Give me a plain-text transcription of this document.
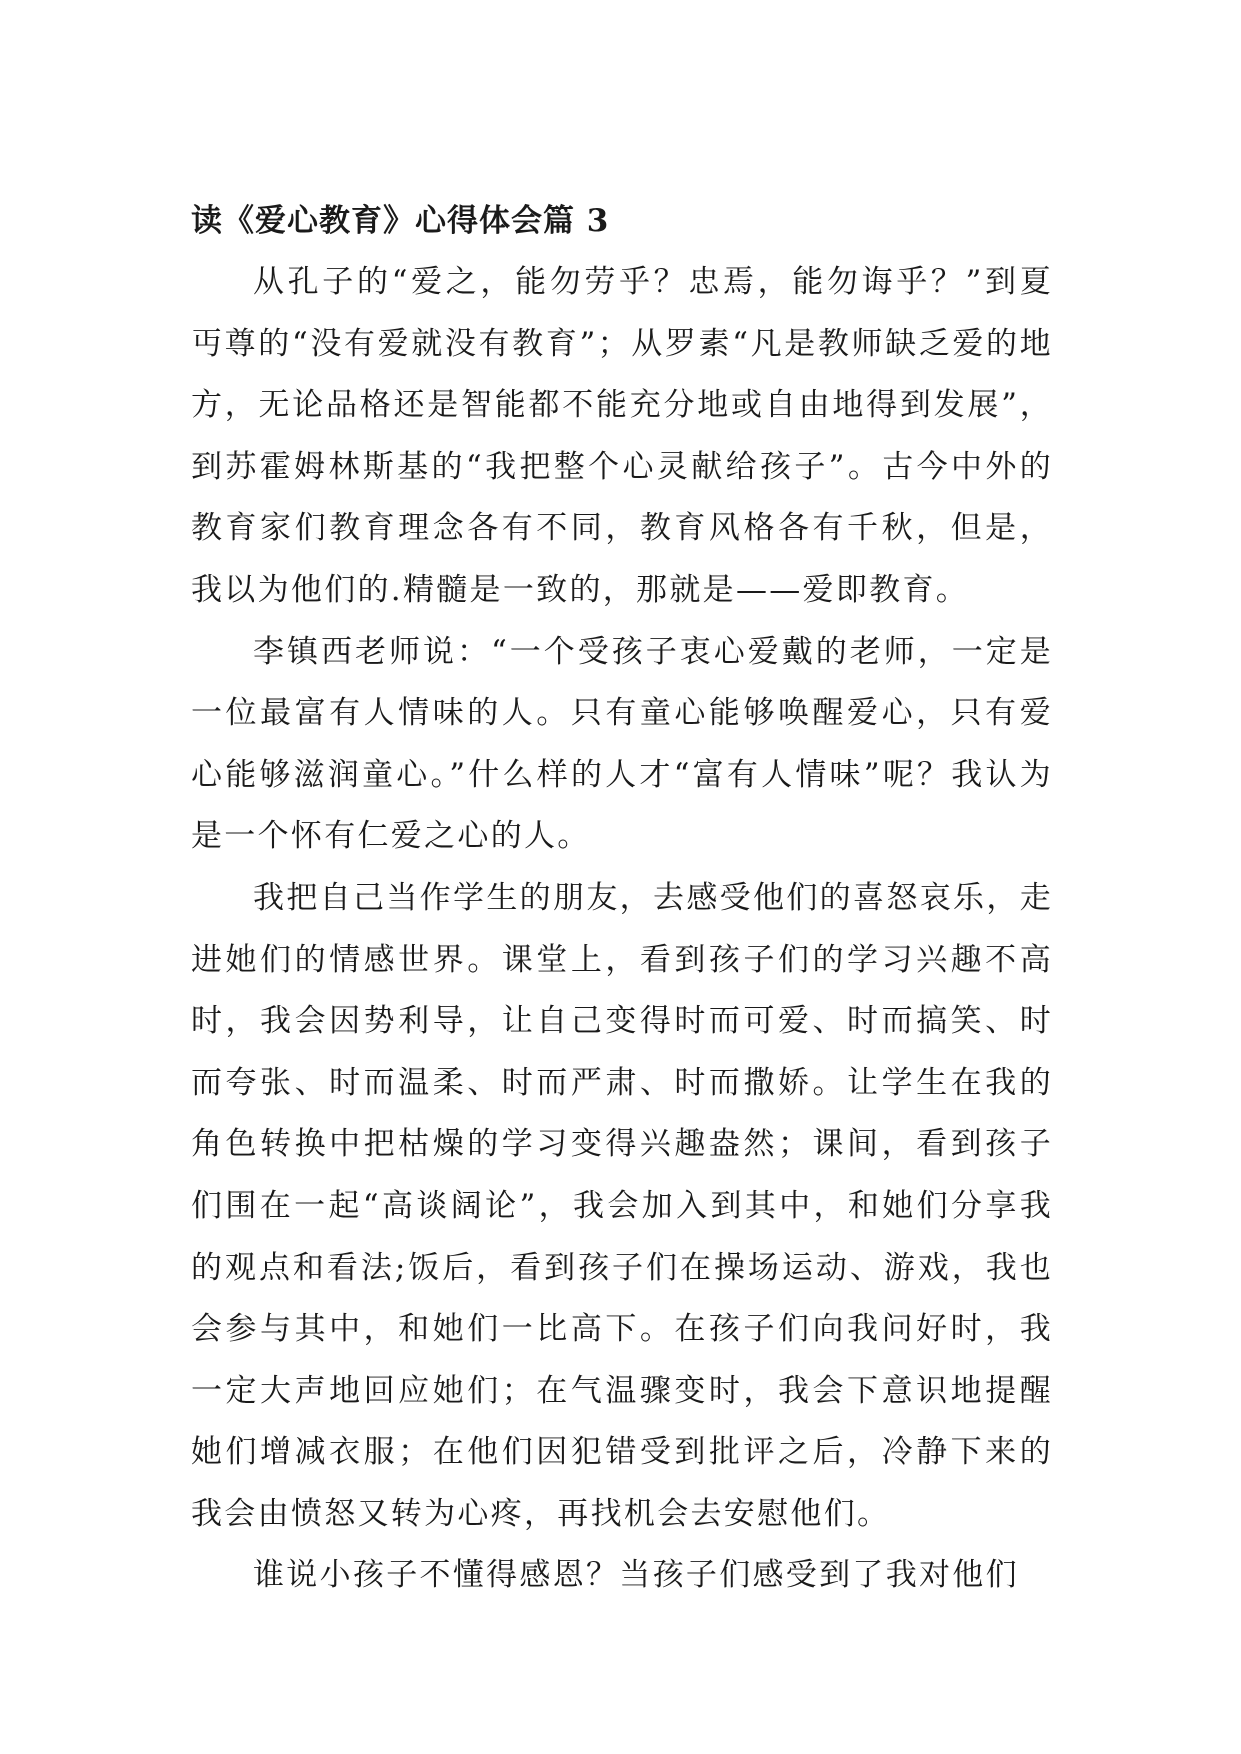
读《爱心教育》心得体会篇 3

从孔子的“爱之，能勿劳乎？忠焉，能勿诲乎？”到夏丏尊的“没有爱就没有教育”；从罗素“凡是教师缺乏爱的地方，无论品格还是智能都不能充分地或自由地得到发展”，到苏霍姆林斯基的“我把整个心灵献给孩子”。古今中外的教育家们教育理念各有不同，教育风格各有千秋，但是，我以为他们的.精髓是一致的，那就是——爱即教育。

李镇西老师说：“一个受孩子衷心爱戴的老师，一定是一位最富有人情味的人。只有童心能够唤醒爱心，只有爱心能够滋润童心。”什么样的人才“富有人情味”呢？我认为是一个怀有仁爱之心的人。

我把自己当作学生的朋友，去感受他们的喜怒哀乐，走进她们的情感世界。课堂上，看到孩子们的学习兴趣不高时，我会因势利导，让自己变得时而可爱、时而搞笑、时而夸张、时而温柔、时而严肃、时而撒娇。让学生在我的角色转换中把枯燥的学习变得兴趣盎然；课间，看到孩子们围在一起“高谈阔论”，我会加入到其中，和她们分享我的观点和看法;饭后，看到孩子们在操场运动、游戏，我也会参与其中，和她们一比高下。在孩子们向我问好时，我一定大声地回应她们；在气温骤变时，我会下意识地提醒她们增减衣服；在他们因犯错受到批评之后，冷静下来的我会由愤怒又转为心疼，再找机会去安慰他们。

谁说小孩子不懂得感恩？当孩子们感受到了我对他们
